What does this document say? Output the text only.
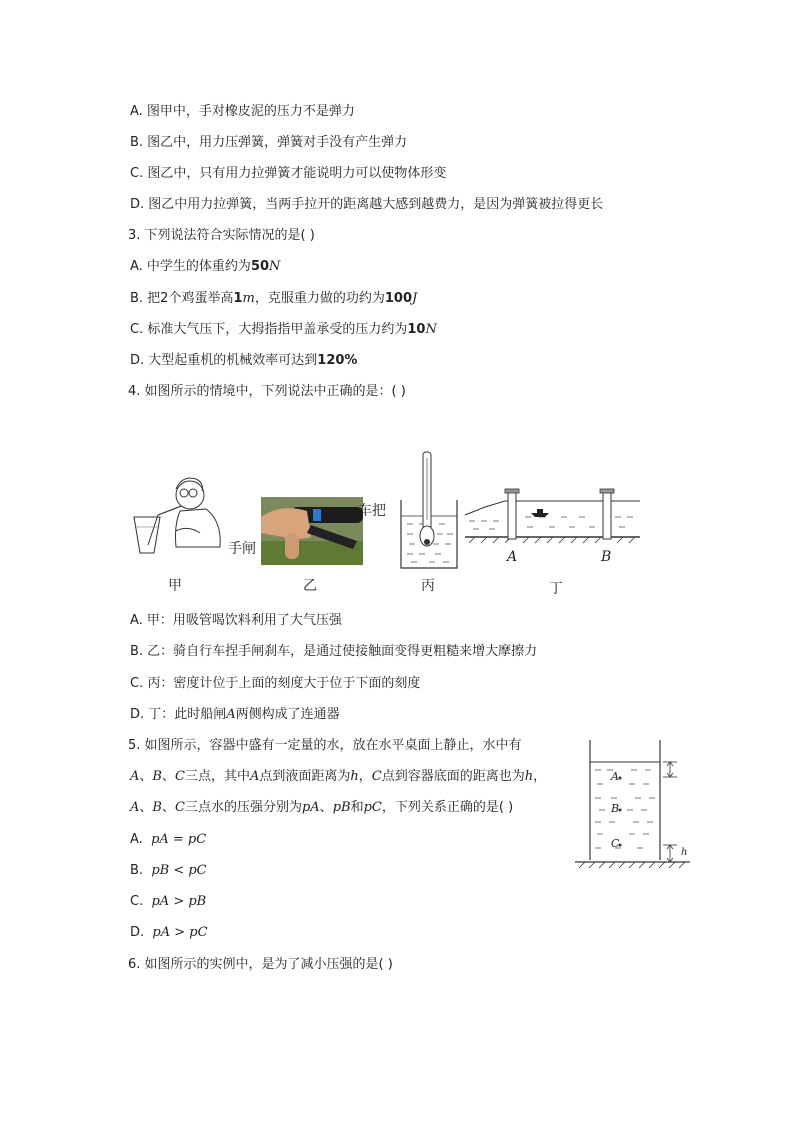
A. 图甲中，手对橡皮泥的压力不是弹力
B. 图乙中，用力压弹簧，弹簧对手没有产生弹力
C. 图乙中，只有用力拉弹簧才能说明力可以使物体形变
D. 图乙中用力拉弹簧，当两手拉开的距离越大感到越费力，是因为弹簧被拉得更长
3. 下列说法符合实际情况的是( )
A. 中学生的体重约为50N
B. 把2个鸡蛋举高1m，克服重力做的功约为100J
C. 标准大气压下，大拇指指甲盖承受的压力约为10N
D. 大型起重机的机械效率可达到120%
4. 如图所示的情境中，下列说法中正确的是：( )
手闸
甲
车把
乙	丙
A	B
丁
A. 甲：用吸管喝饮料利用了大气压强
B. 乙：骑自行车捏手闸刹车，是通过使接触面变得更粗糙来增大摩擦力
C. 丙：密度计位于上面的刻度大于位于下面的刻度
D. 丁：此时船闸A两侧构成了连通器
5. 如图所示，容器中盛有一定量的水，放在水平桌面上静止，水中有
A、B、C三点，其中A点到液面距离为h，C点到容器底面的距离也为h，
A、B、C三点水的压强分别为pA、pB和pC，下列关系正确的是( )
A. pA = pC
B. pB < pC
C. pA > pB
D. pA > pC
A
B
C
h
6. 如图所示的实例中，是为了减小压强的是( )
